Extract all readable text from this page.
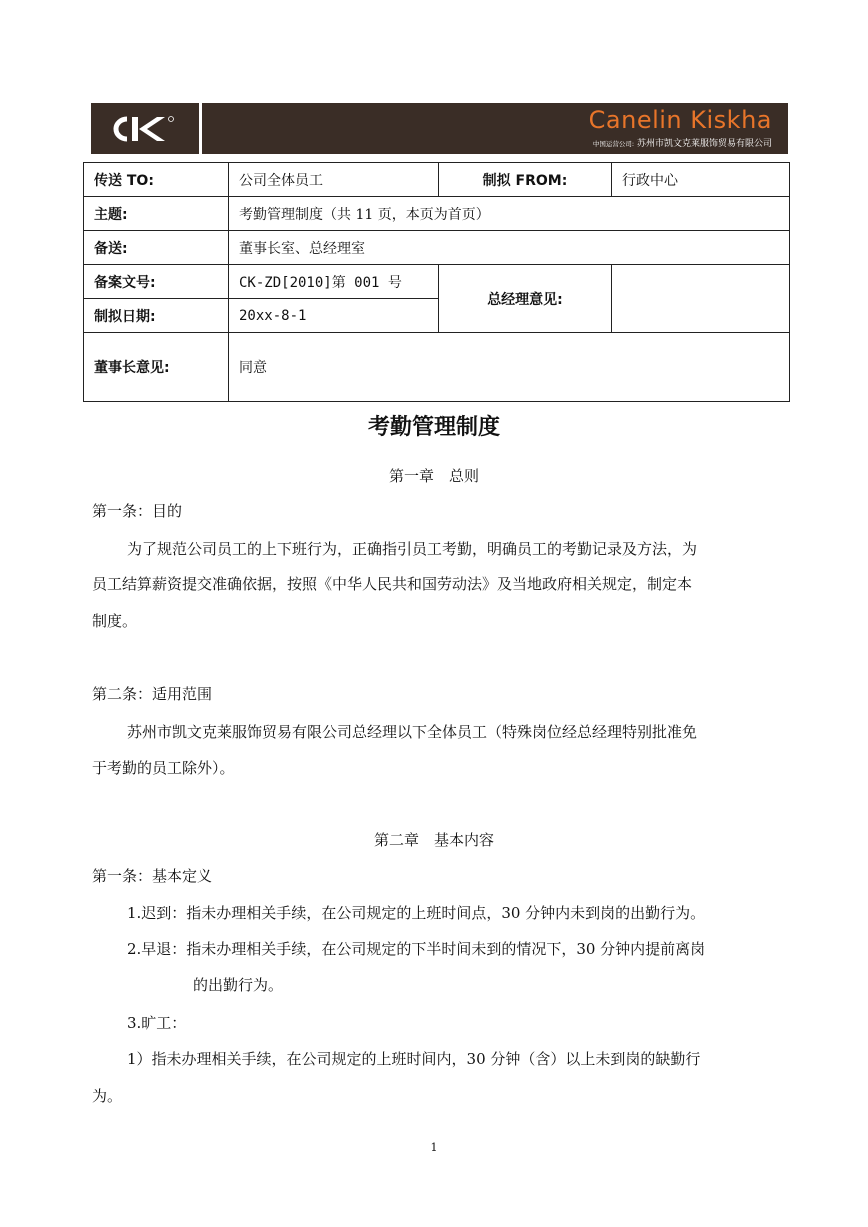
Canelin Kiskha
中国运营公司: 苏州市凯文克莱服饰贸易有限公司
传送 TO:	公司全体员工	制拟 FROM:	行政中心
主题:	考勤管理制度（共 11 页，本页为首页）		
备送:	董事长室、总经理室		
备案文号:	CK-ZD[2010]第 001 号	总经理意见:	
制拟日期:	20xx-8-1		
董事长意见:	同意		
考勤管理制度
第一章　总则
第一条：目的
为了规范公司员工的上下班行为，正确指引员工考勤，明确员工的考勤记录及方法，为
员工结算薪资提交准确依据，按照《中华人民共和国劳动法》及当地政府相关规定，制定本
制度。
第二条：适用范围
苏州市凯文克莱服饰贸易有限公司总经理以下全体员工（特殊岗位经总经理特别批准免
于考勤的员工除外）。
第二章　基本内容
第一条：基本定义
1.迟到：指未办理相关手续，在公司规定的上班时间点，30 分钟内未到岗的出勤行为。
2.早退：指未办理相关手续，在公司规定的下半时间未到的情况下，30 分钟内提前离岗
的出勤行为。
3.旷工：
1）指未办理相关手续，在公司规定的上班时间内，30 分钟（含）以上未到岗的缺勤行
为。
1
